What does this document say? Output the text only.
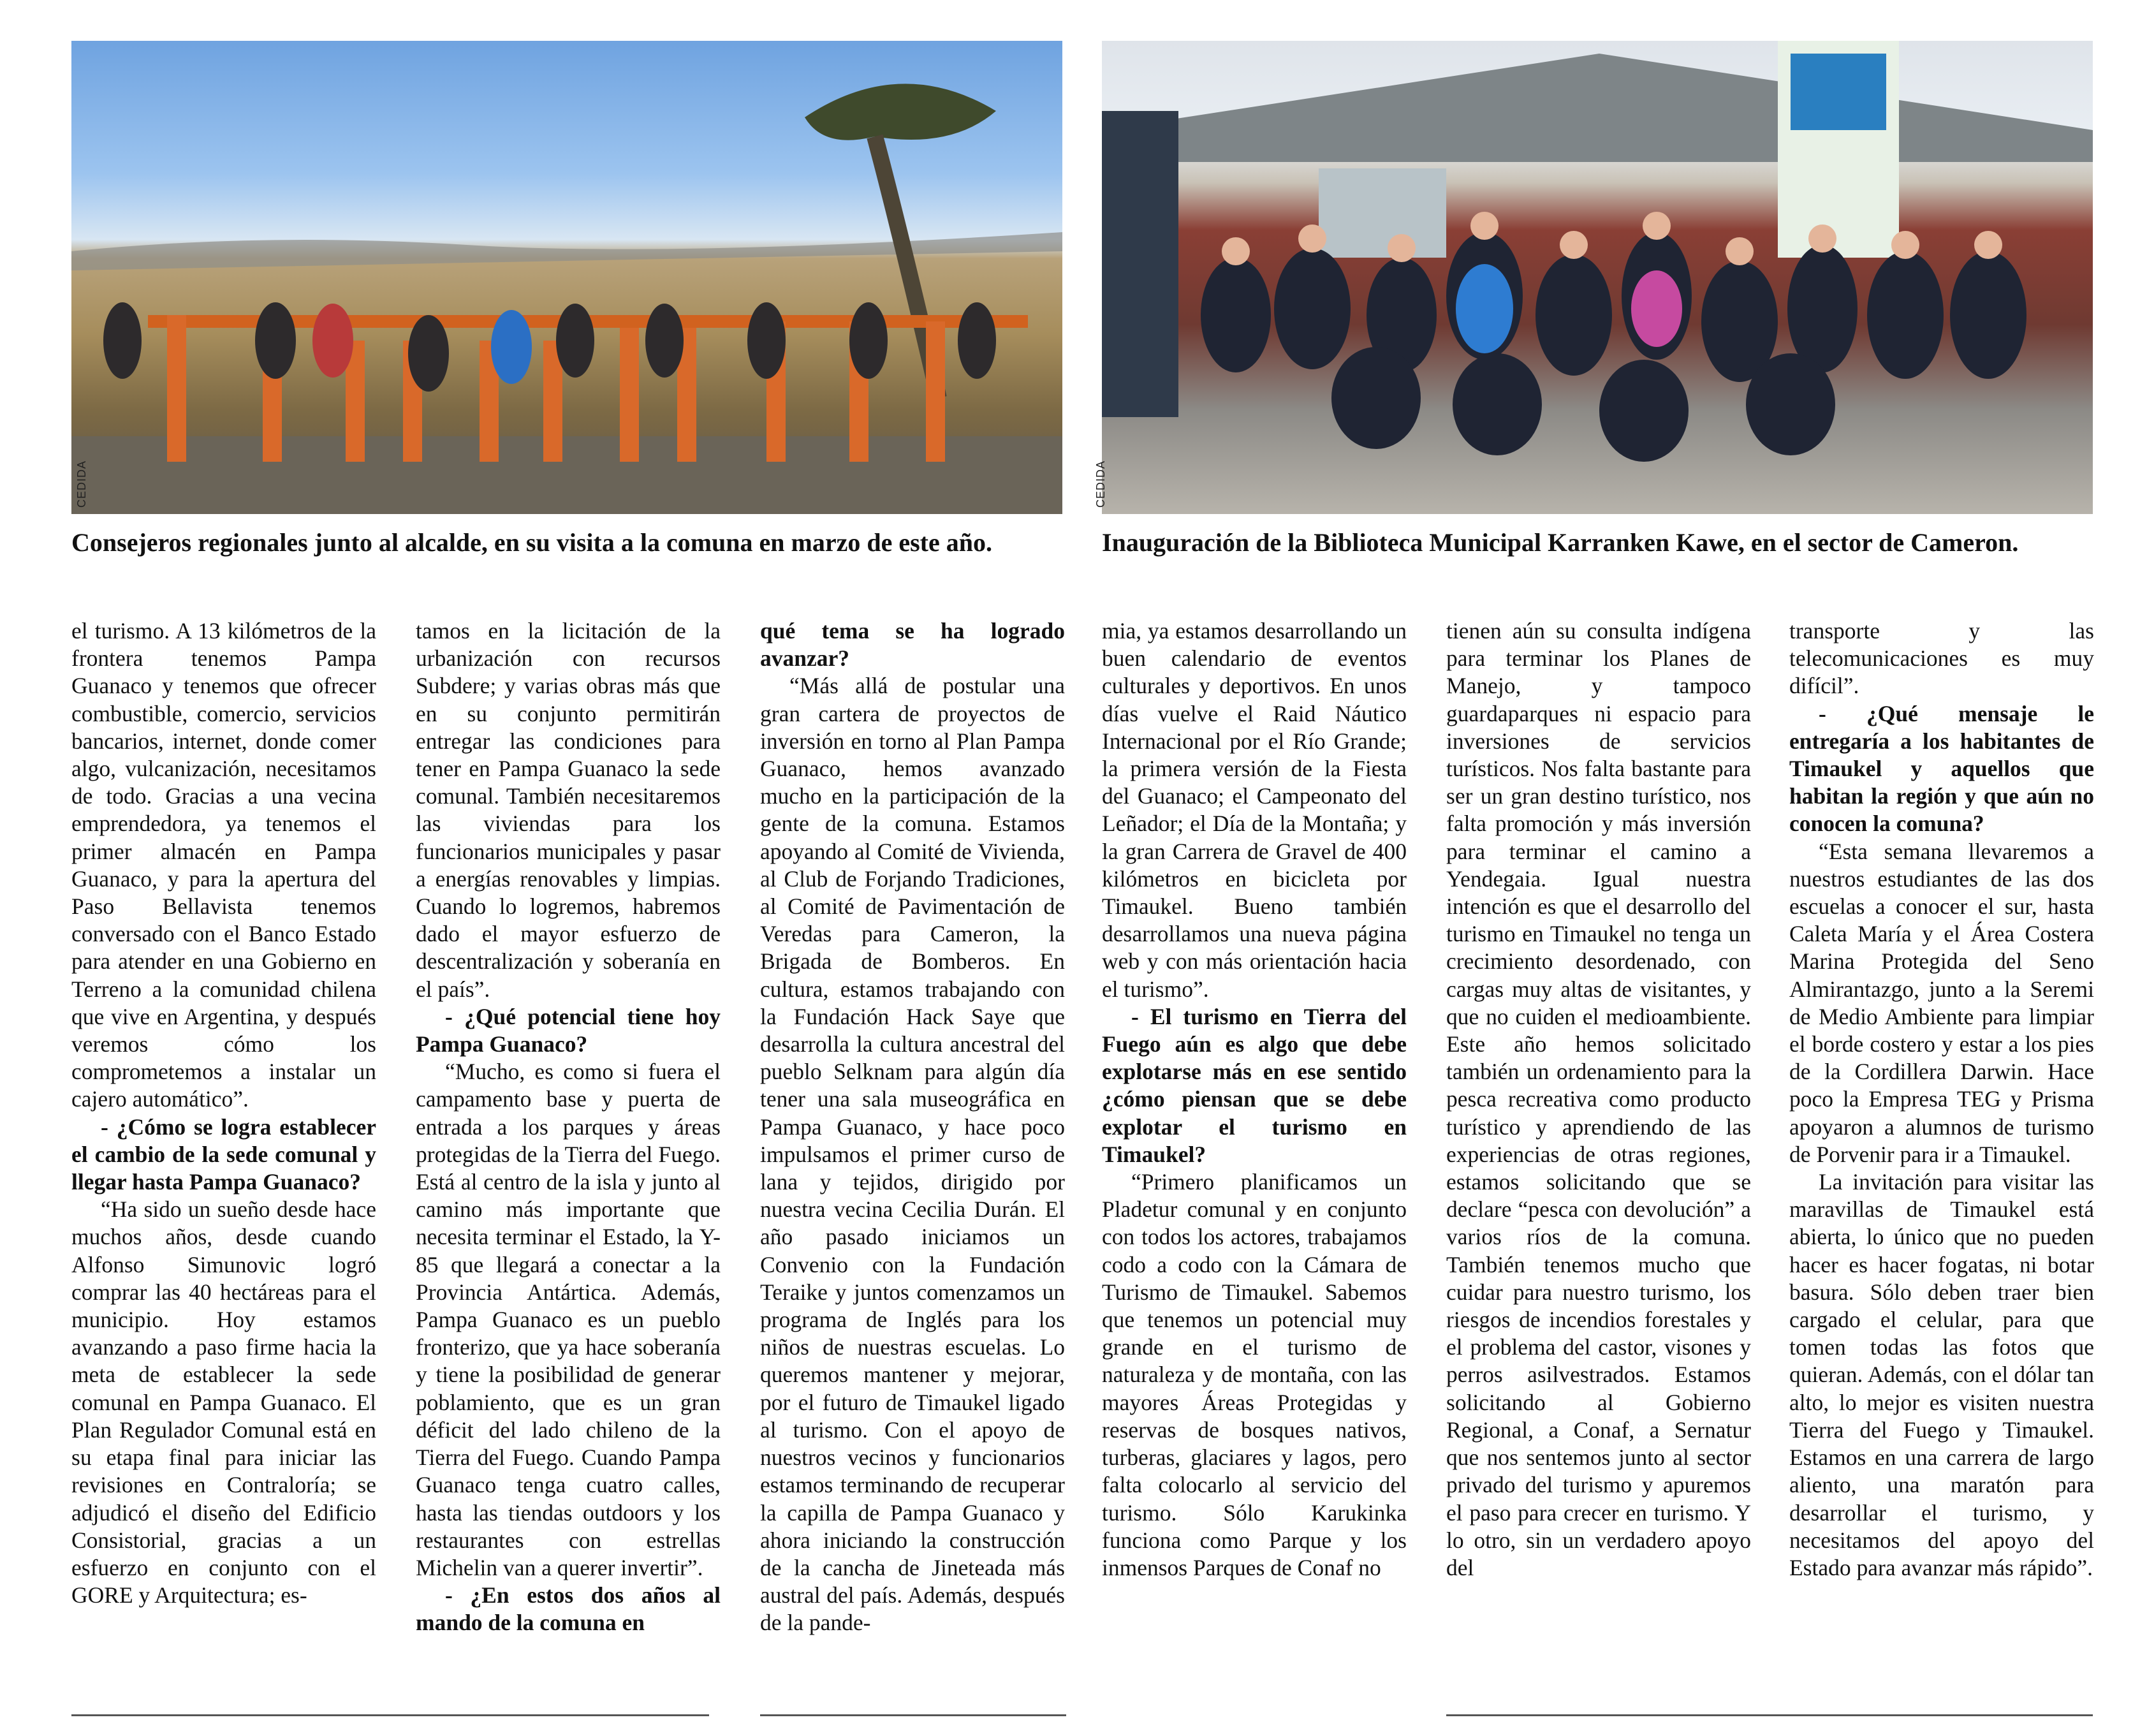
CEDIDA	CEDIDA

Consejeros regionales junto al alcalde, en su visita a la comuna en marzo de este año.	Inauguración de la Biblioteca Municipal Karranken Kawe, en el sector de Cameron.

el turismo. A 13 kilómetros de la frontera tenemos Pampa Guanaco y tenemos que ofrecer combustible, comercio, servicios bancarios, internet, donde comer algo, vulcanización, necesitamos de todo. Gracias a una vecina emprendedora, ya tenemos el primer almacén en Pampa Guanaco, y para la apertura del Paso Bellavista tenemos conversado con el Banco Estado para atender en una Gobierno en Terreno a la comunidad chilena que vive en Argentina, y después veremos cómo los comprometemos a instalar un cajero automático”.

- ¿Cómo se logra establecer el cambio de la sede comunal y llegar hasta Pampa Guanaco?

“Ha sido un sueño desde hace muchos años, desde cuando Alfonso Simunovic logró comprar las 40 hectáreas para el municipio. Hoy estamos avanzando a paso firme hacia la meta de establecer la sede comunal en Pampa Guanaco. El Plan Regulador Comunal está en su etapa final para iniciar las revisiones en Contraloría; se adjudicó el diseño del Edificio Consistorial, gracias a un esfuerzo en conjunto con el GORE y Arquitectura; es-

tamos en la licitación de la urbanización con recursos Subdere; y varias obras más que en su conjunto permitirán entregar las condiciones para tener en Pampa Guanaco la sede comunal. También necesitaremos las viviendas para los funcionarios municipales y pasar a energías renovables y limpias. Cuando lo logremos, habremos dado el mayor esfuerzo de descentralización y soberanía en el país”.

- ¿Qué potencial tiene hoy Pampa Guanaco?

“Mucho, es como si fuera el campamento base y puerta de entrada a los parques y áreas protegidas de la Tierra del Fuego. Está al centro de la isla y junto al camino más importante que necesita terminar el Estado, la Y-85 que llegará a conectar a la Provincia Antártica. Además, Pampa Guanaco es un pueblo fronterizo, que ya hace soberanía y tiene la posibilidad de generar poblamiento, que es un gran déficit del lado chileno de la Tierra del Fuego. Cuando Pampa Guanaco tenga cuatro calles, hasta las tiendas outdoors y los restaurantes con estrellas Michelin van a querer invertir”.

- ¿En estos dos años al mando de la comuna en

qué tema se ha logrado avanzar?

“Más allá de postular una gran cartera de proyectos de inversión en torno al Plan Pampa Guanaco, hemos avanzado mucho en la participación de la gente de la comuna. Estamos apoyando al Comité de Vivienda, al Club de Forjando Tradiciones, al Comité de Pavimentación de Veredas para Cameron, la Brigada de Bomberos. En cultura, estamos trabajando con la Fundación Hack Saye que desarrolla la cultura ancestral del pueblo Selknam para algún día tener una sala museográfica en Pampa Guanaco, y hace poco impulsamos el primer curso de lana y tejidos, dirigido por nuestra vecina Cecilia Durán. El año pasado iniciamos un Convenio con la Fundación Teraike y juntos comenzamos un programa de Inglés para los niños de nuestras escuelas. Lo queremos mantener y mejorar, por el futuro de Timaukel ligado al turismo. Con el apoyo de nuestros vecinos y funcionarios estamos terminando de recuperar la capilla de Pampa Guanaco y ahora iniciando la construcción de la cancha de Jineteada más austral del país. Además, después de la pande-

mia, ya estamos desarrollando un buen calendario de eventos culturales y deportivos. En unos días vuelve el Raid Náutico Internacional por el Río Grande; la primera versión de la Fiesta del Guanaco; el Campeonato del Leñador; el Día de la Montaña; y la gran Carrera de Gravel de 400 kilómetros en bicicleta por Timaukel. Bueno también desarrollamos una nueva página web y con más orientación hacia el turismo”.

- El turismo en Tierra del Fuego aún es algo que debe explotarse más en ese sentido ¿cómo piensan que se debe explotar el turismo en Timaukel?

“Primero planificamos un Pladetur comunal y en conjunto con todos los actores, trabajamos codo a codo con la Cámara de Turismo de Timaukel. Sabemos que tenemos un potencial muy grande en el turismo de naturaleza y de montaña, con las mayores Áreas Protegidas y reservas de bosques nativos, turberas, glaciares y lagos, pero falta colocarlo al servicio del turismo. Sólo Karukinka funciona como Parque y los inmensos Parques de Conaf no

tienen aún su consulta indígena para terminar los Planes de Manejo, y tampoco guardaparques ni espacio para inversiones de servicios turísticos. Nos falta bastante para ser un gran destino turístico, nos falta promoción y más inversión para terminar el camino a Yendegaia. Igual nuestra intención es que el desarrollo del turismo en Timaukel no tenga un crecimiento desordenado, con cargas muy altas de visitantes, y que no cuiden el medioambiente. Este año hemos solicitado también un ordenamiento para la pesca recreativa como producto turístico y aprendiendo de las experiencias de otras regiones, estamos solicitando que se declare “pesca con devolución” a varios ríos de la comuna. También tenemos mucho que cuidar para nuestro turismo, los riesgos de incendios forestales y el problema del castor, visones y perros asilvestrados. Estamos solicitando al Gobierno Regional, a Conaf, a Sernatur que nos sentemos junto al sector privado del turismo y apuremos el paso para crecer en turismo. Y lo otro, sin un verdadero apoyo del

transporte y las telecomunicaciones es muy difícil”.

- ¿Qué mensaje le entregaría a los habitantes de Timaukel y aquellos que habitan la región y que aún no conocen la comuna?

“Esta semana llevaremos a nuestros estudiantes de las dos escuelas a conocer el sur, hasta Caleta María y el Área Costera Marina Protegida del Seno Almirantazgo, junto a la Seremi de Medio Ambiente para limpiar el borde costero y estar a los pies de la Cordillera Darwin. Hace poco la Empresa TEG y Prisma apoyaron a alumnos de turismo de Porvenir para ir a Timaukel.

La invitación para visitar las maravillas de Timaukel está abierta, lo único que no pueden hacer es hacer fogatas, ni botar basura. Sólo deben traer bien cargado el celular, para que tomen todas las fotos que quieran. Además, con el dólar tan alto, lo mejor es visiten nuestra Tierra del Fuego y Timaukel. Estamos en una carrera de largo aliento, una maratón para desarrollar el turismo, y necesitamos del apoyo del Estado para avanzar más rápido”.
